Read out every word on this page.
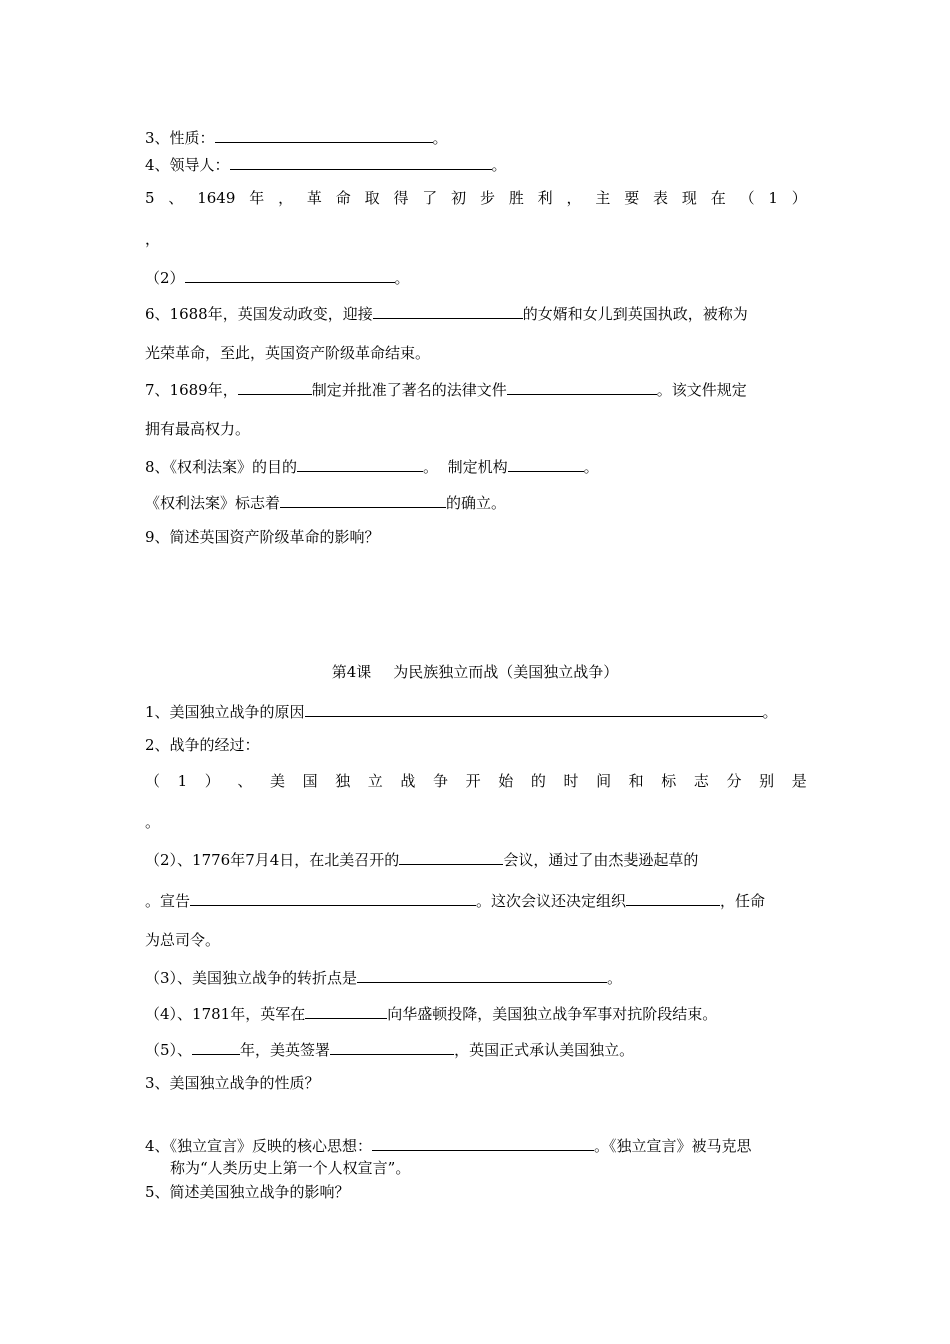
3、性质：	。
4、领导人：	。
5 、 1649 年 ， 革 命 取 得 了 初 步 胜 利 ， 主 要 表 现 在 （ 1 ）
，
（2）	。
6、1688年，英国发动政变，迎接	的女婿和女儿到英国执政，被称为
光荣革命，至此，英国资产阶级革命结束。
7、1689年，	制定并批准了著名的法律文件	。该文件规定
拥有最高权力。
8、《权利法案》的目的	。  制定机构	。
《权利法案》标志着	的确立。
9、简述英国资产阶级革命的影响？
第4课 为民族独立而战（美国独立战争）
1、美国独立战争的原因	。
2、战争的经过：
（ 1 ） 、 美 国 独 立 战 争 开 始 的 时 间 和 标 志 分 别 是
。
（2）、1776年7月4日，在北美召开的	会议，通过了由杰斐逊起草的
。宣告	。这次会议还决定组织	，任命
为总司令。
（3）、美国独立战争的转折点是	。
（4）、1781年，英军在	向华盛顿投降，美国独立战争军事对抗阶段结束。
（5）、	年，美英签署	，英国正式承认美国独立。
3、美国独立战争的性质？
4、《独立宣言》反映的核心思想：	。《独立宣言》被马克思
称为“人类历史上第一个人权宣言”。
5、简述美国独立战争的影响？
